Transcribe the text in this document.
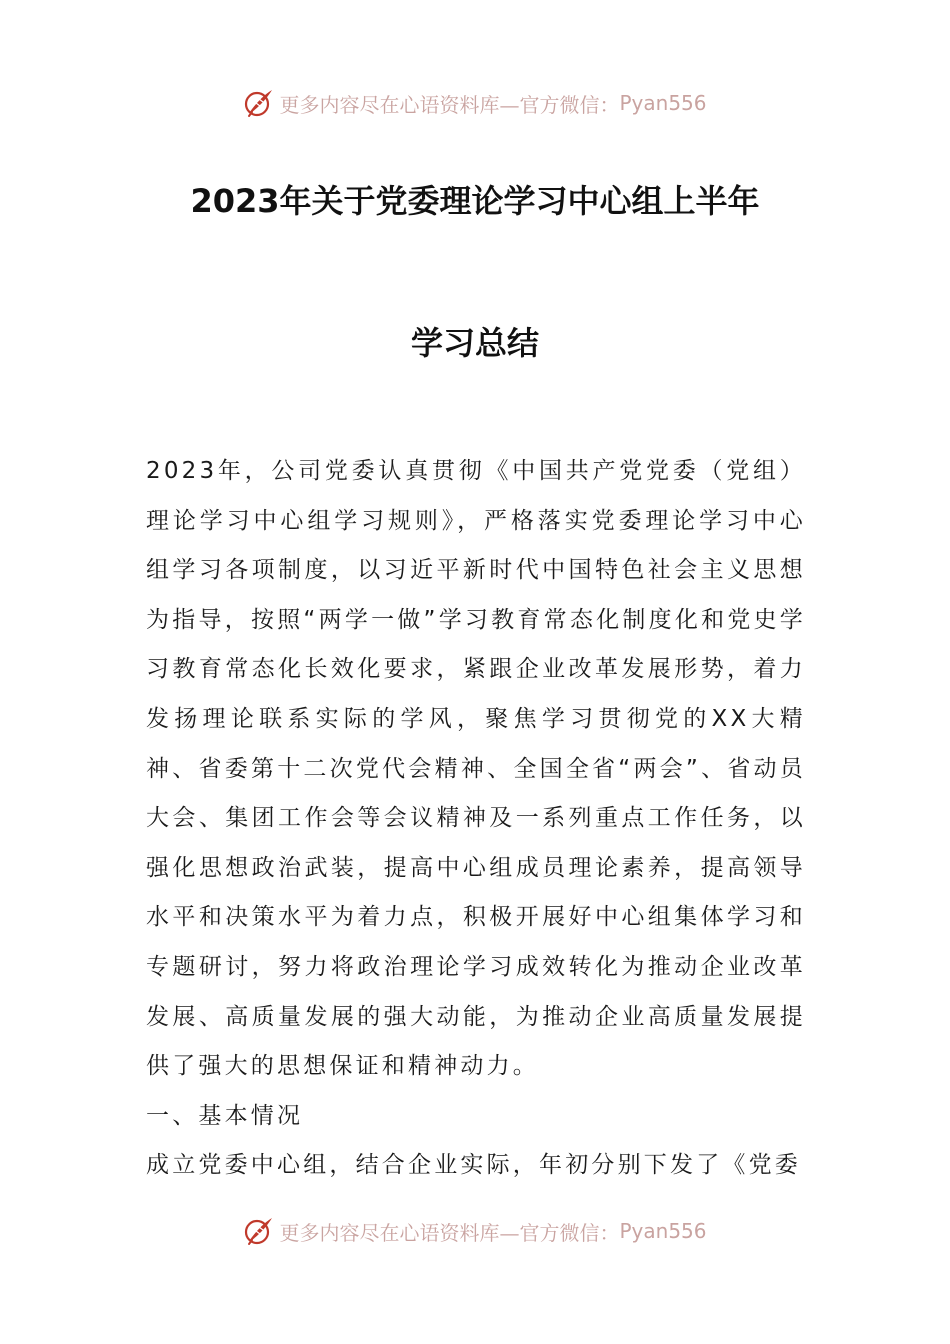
更多内容尽在心语资料库— 官方微信： Pyan556
2023年关于党委理论学习中心组上半年
学习总结

2023年，公司党委认真贯彻《中国共产党党委（党组）理论学习中心组学习规则》，严格落实党委理论学习中心组学习各项制度，以习近平新时代中国特色社会主义思想为指导，按照“两学一做”学习教育常态化制度化和党史学习教育常态化长效化要求，紧跟企业改革发展形势，着力发扬理论联系实际的学风，聚焦学习贯彻党的XX大精神、省委第十二次党代会精神、全国全省“两会”、省动员大会、集团工作会等会议精神及一系列重点工作任务，以强化思想政治武装，提高中心组成员理论素养，提高领导水平和决策水平为着力点，积极开展好中心组集体学习和专题研讨，努力将政治理论学习成效转化为推动企业改革发展、高质量发展的强大动能，为推动企业高质量发展提供了强大的思想保证和精神动力。

一、基本情况

成立党委中心组，结合企业实际，年初分别下发了《党委

更多内容尽在心语资料库— 官方微信： Pyan556
